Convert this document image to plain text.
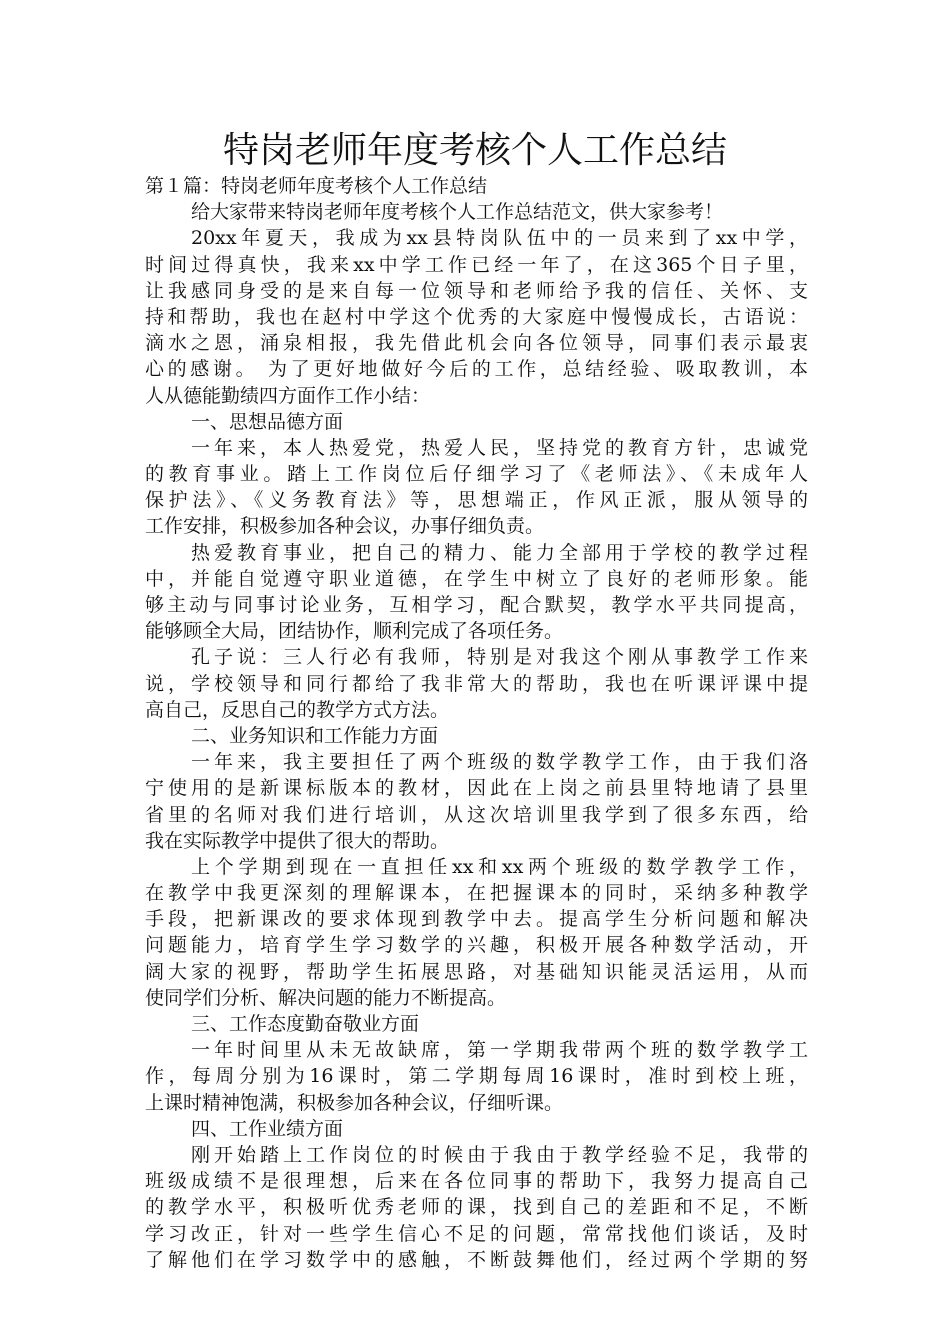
特岗老师年度考核个人工作总结
第１篇：特岗老师年度考核个人工作总结
给大家带来特岗老师年度考核个人工作总结范文，供大家参考！
20xx年夏天，我成为xx县特岗队伍中的一员来到了xx中学，
时间过得真快，我来xx中学工作已经一年了，在这365个日子里，
让我感同身受的是来自每一位领导和老师给予我的信任、关怀、支
持和帮助，我也在赵村中学这个优秀的大家庭中慢慢成长，古语说：
滴水之恩，涌泉相报，我先借此机会向各位领导，同事们表示最衷
心的感谢。 为了更好地做好今后的工作，总结经验、吸取教训，本
人从德能勤绩四方面作工作小结：
一、思想品德方面
一年来，本人热爱党，热爱人民，坚持党的教育方针，忠诚党
的教育事业。踏上工作岗位后仔细学习了《老师法》、《未成年人
保护法》、《义务教育法》等，思想端正，作风正派，服从领导的
工作安排，积极参加各种会议，办事仔细负责。
热爱教育事业，把自己的精力、能力全部用于学校的教学过程
中，并能自觉遵守职业道德，在学生中树立了良好的老师形象。能
够主动与同事讨论业务，互相学习，配合默契，教学水平共同提高，
能够顾全大局，团结协作，顺利完成了各项任务。
孔子说：三人行必有我师，特别是对我这个刚从事教学工作来
说，学校领导和同行都给了我非常大的帮助，我也在听课评课中提
高自己，反思自己的教学方式方法。
二、业务知识和工作能力方面
一年来，我主要担任了两个班级的数学教学工作，由于我们洛
宁使用的是新课标版本的教材，因此在上岗之前县里特地请了县里
省里的名师对我们进行培训，从这次培训里我学到了很多东西，给
我在实际教学中提供了很大的帮助。
上个学期到现在一直担任xx和xx两个班级的数学教学工作，
在教学中我更深刻的理解课本，在把握课本的同时，采纳多种教学
手段，把新课改的要求体现到教学中去。提高学生分析问题和解决
问题能力，培育学生学习数学的兴趣，积极开展各种数学活动，开
阔大家的视野，帮助学生拓展思路，对基础知识能灵活运用，从而
使同学们分析、解决问题的能力不断提高。
三、工作态度勤奋敬业方面
一年时间里从未无故缺席，第一学期我带两个班的数学教学工
作，每周分别为16课时，第二学期每周16课时，准时到校上班，
上课时精神饱满，积极参加各种会议，仔细听课。
四、工作业绩方面
刚开始踏上工作岗位的时候由于我由于教学经验不足，我带的
班级成绩不是很理想，后来在各位同事的帮助下，我努力提高自己
的教学水平，积极听优秀老师的课，找到自己的差距和不足，不断
学习改正，针对一些学生信心不足的问题，常常找他们谈话，及时
了解他们在学习数学中的感触，不断鼓舞他们，经过两个学期的努
